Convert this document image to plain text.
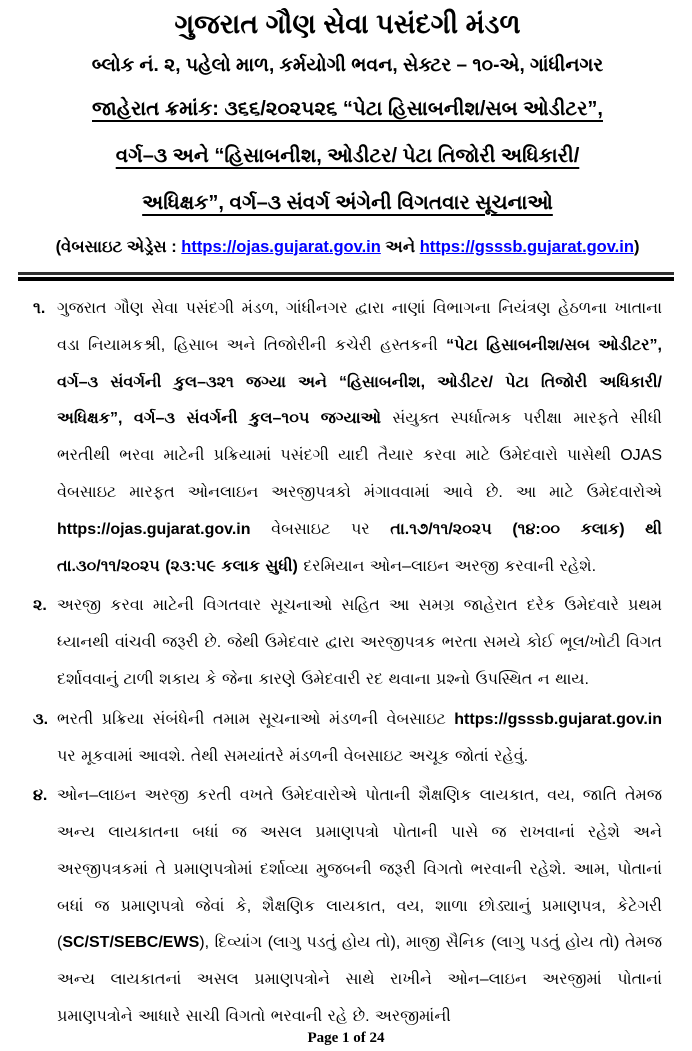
ગુજરાત ગૌણ સેવા પસંદગી મંડળ
બ્લોક નં. ૨, પહેલો માળ, કર્મયોગી ભવન, સેક્ટર – ૧૦-એ, ગાંધીનગર
જાહેરાત ક્રમાંક: ૩૬૬/૨૦૨૫૨૬ “પેટા હિસાબનીશ/સબ ઓડીટર”,
વર્ગ–૩ અને “હિસાબનીશ, ઓડીટર/ પેટા તિજોરી અધિકારી/
અધિક્ષક”, વર્ગ–૩ સંવર્ગ અંગેની વિગતવાર સૂચનાઓ
(વેબસાઇટ એડ્રેસ : https://ojas.gujarat.gov.in અને https://gsssb.gujarat.gov.in)
૧. ગુજરાત ગૌણ સેવા પસંદગી મંડળ, ગાંધીનગર દ્વારા નાણાં વિભાગના નિયંત્રણ હેઠળના ખાતાના વડા નિયામકશ્રી, હિસાબ અને તિજોરીની કચેરી હસ્તકની “પેટા હિસાબનીશ/સબ ઓડીટર”, વર્ગ–૩ સંવર્ગની કુલ–૩૨૧ જગ્યા અને “હિસાબનીશ, ઓડીટર/ પેટા તિજોરી અધિકારી/ અધિક્ષક”, વર્ગ–૩ સંવર્ગની કુલ–૧૦૫ જગ્યાઓ સંયુક્ત સ્પર્ધાત્મક પરીક્ષા મારફતે સીધી ભરતીથી ભરવા માટેની પ્રક્રિયામાં પસંદગી યાદી તૈયાર કરવા માટે ઉમેદવારો પાસેથી OJAS વેબસાઇટ મારફત ઓનલાઇન અરજીપત્રકો મંગાવવામાં આવે છે. આ માટે ઉમેદવારોએ https://ojas.gujarat.gov.in વેબસાઇટ પર તા.૧૭/૧૧/૨૦૨૫ (૧૪:૦૦ કલાક) થી તા.૩૦/૧૧/૨૦૨૫ (૨૩:૫૯ કલાક સુધી) દરમિયાન ઓન–લાઇન અરજી કરવાની રહેશે.
૨. અરજી કરવા માટેની વિગતવાર સૂચનાઓ સહિત આ સમગ્ર જાહેરાત દરેક ઉમેદવારે પ્રથમ ધ્યાનથી વાંચવી જરૂરી છે. જેથી ઉમેદવાર દ્વારા અરજીપત્રક ભરતા સમયે કોઈ ભૂલ/ખોટી વિગત દર્શાવવાનું ટાળી શકાય કે જેના કારણે ઉમેદવારી રદ થવાના પ્રશ્નો ઉપસ્થિત ન થાય.
૩. ભરતી પ્રક્રિયા સંબંધેની તમામ સૂચનાઓ મંડળની વેબસાઇટ https://gsssb.gujarat.gov.in પર મૂકવામાં આવશે. તેથી સમયાંતરે મંડળની વેબસાઇટ અચૂક જોતાં રહેવું.
૪. ઓન–લાઇન અરજી કરતી વખતે ઉમેદવારોએ પોતાની શૈક્ષણિક લાયકાત, વય, જાતિ તેમજ અન્ય લાયકાતના બધાં જ અસલ પ્રમાણપત્રો પોતાની પાસે જ રાખવાનાં રહેશે અને અરજીપત્રકમાં તે પ્રમાણપત્રોમાં દર્શાવ્યા મુજબની જરૂરી વિગતો ભરવાની રહેશે. આમ, પોતાનાં બધાં જ પ્રમાણપત્રો જેવાં કે, શૈક્ષણિક લાયકાત, વય, શાળા છોડ્યાનું પ્રમાણપત્ર, કેટેગરી (SC/ST/SEBC/EWS), દિવ્યાંગ (લાગુ પડતું હોય તો), માજી સૈનિક (લાગુ પડતું હોય તો) તેમજ અન્ય લાયકાતનાં અસલ પ્રમાણપત્રોને સાથે રાખીને ઓન–લાઇન અરજીમાં પોતાનાં પ્રમાણપત્રોને આધારે સાચી વિગતો ભરવાની રહે છે. અરજીમાંની
Page 1 of 24
